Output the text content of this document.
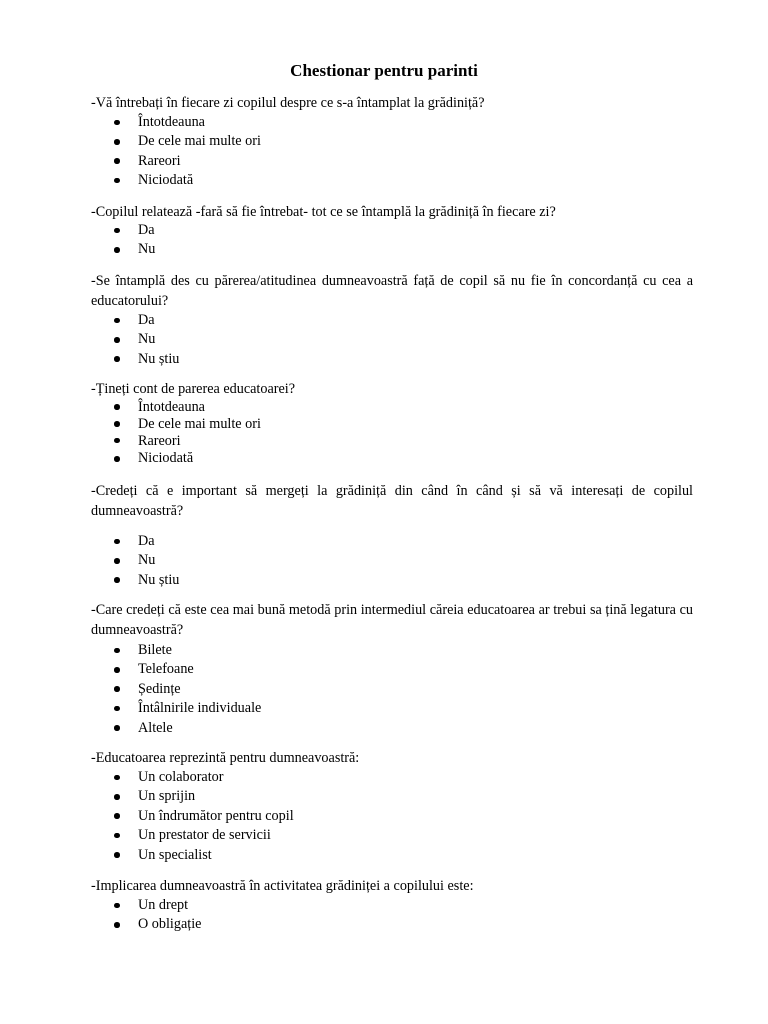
Chestionar pentru parinti

-Vă întrebați în fiecare zi copilul despre ce s-a întamplat la grădiniță?

Întotdeauna
De cele mai multe ori
Rareori
Niciodată

-Copilul relatează -fară să fie întrebat- tot ce se întamplă la grădiniță în fiecare zi?

Da
Nu

-Se întamplă des cu părerea/atitudinea dumneavoastră față de copil să nu fie în concordanță cu cea a educatorului?

Da
Nu
Nu știu

-Țineți cont de parerea educatoarei?

Întotdeauna
De cele mai multe ori
Rareori
Niciodată

-Credeți că e important să mergeți la grădiniță din când în când și să vă interesați de copilul dumneavoastră?

Da
Nu
Nu știu

-Care credeți că este cea mai bună metodă prin intermediul căreia educatoarea ar trebui sa țină legatura cu dumneavoastră?

Bilete
Telefoane
Ședințe
Întâlnirile individuale
Altele

-Educatoarea reprezintă pentru dumneavoastră:

Un colaborator
Un sprijin
Un îndrumător pentru copil
Un prestator de servicii
Un specialist

-Implicarea dumneavoastră în activitatea grădiniței a copilului este:

Un drept
O obligație
